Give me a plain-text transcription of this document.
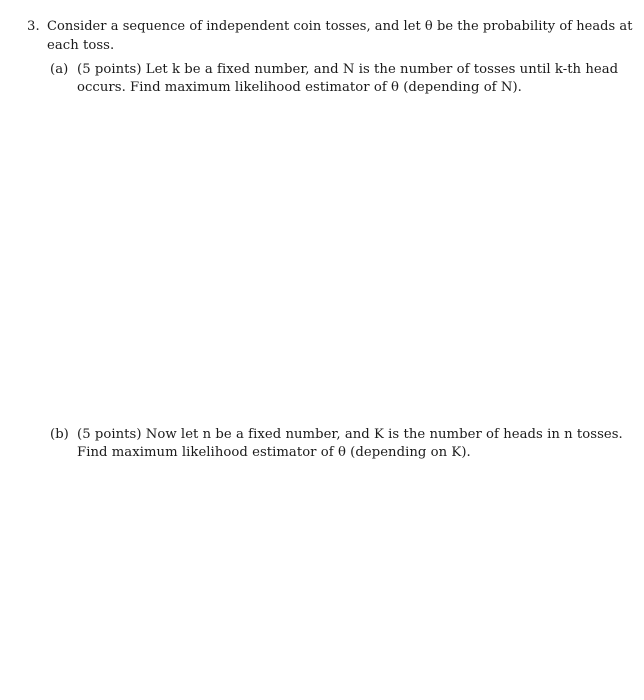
3. Consider a sequence of independent coin tosses, and let θ be the probability of heads at
each toss.
(a) (5 points) Let k be a fixed number, and N is the number of tosses until k-th head
occurs. Find maximum likelihood estimator of θ (depending of N).
(b) (5 points) Now let n be a fixed number, and K is the number of heads in n tosses.
Find maximum likelihood estimator of θ (depending on K).
